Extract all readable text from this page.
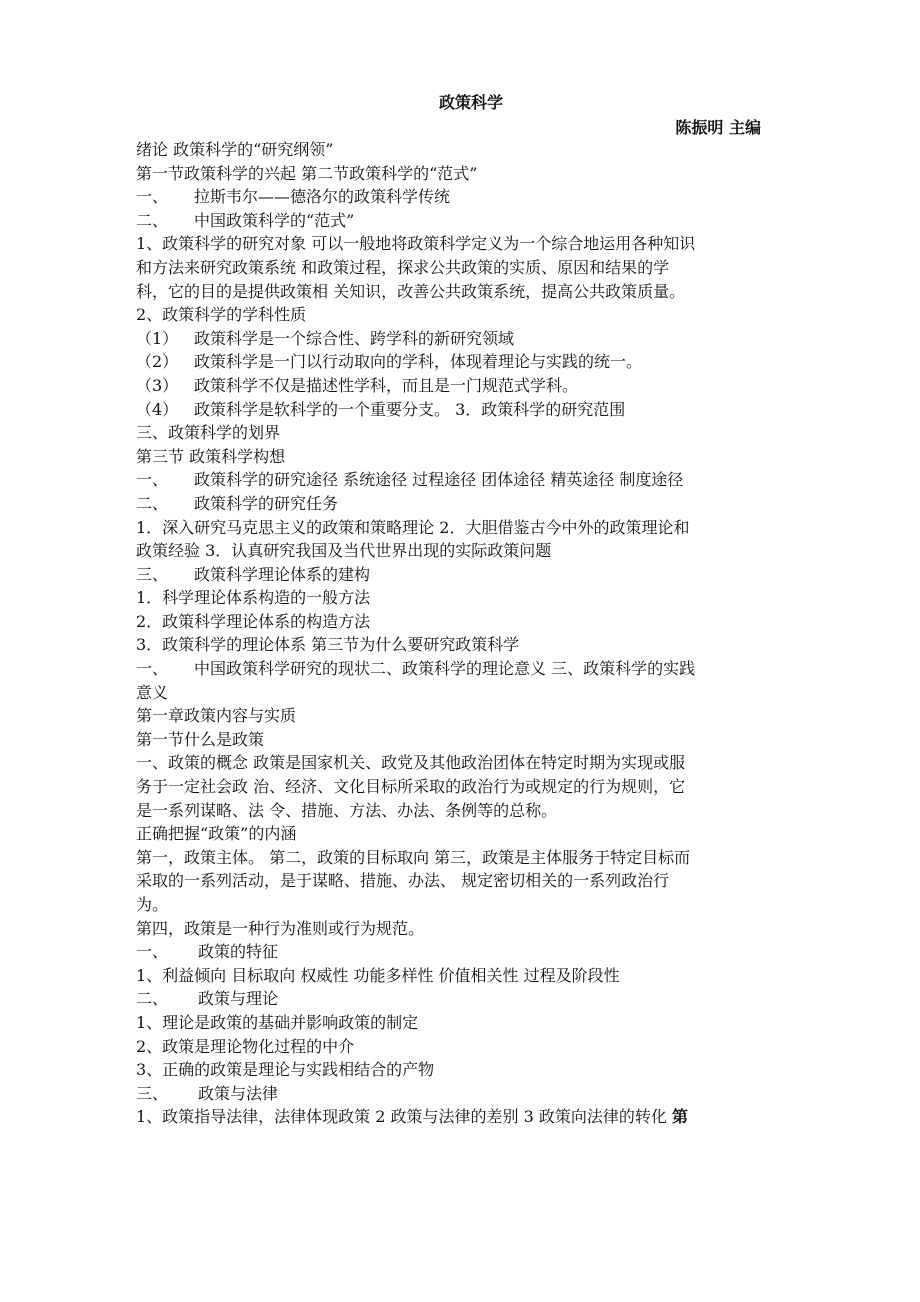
政策科学
陈振明 主编
绪论 政策科学的“研究纲领”
第一节政策科学的兴起 第二节政策科学的“范式”
一、 拉斯韦尔——德洛尔的政策科学传统
二、 中国政策科学的“范式”
1、政策科学的研究对象 可以一般地将政策科学定义为一个综合地运用各种知识
和方法来研究政策系统 和政策过程，探求公共政策的实质、原因和结果的学
科，它的目的是提供政策相 关知识，改善公共政策系统，提高公共政策质量。
2、政策科学的学科性质
（1） 政策科学是一个综合性、跨学科的新研究领域
（2） 政策科学是一门以行动取向的学科，体现着理论与实践的统一。
（3） 政策科学不仅是描述性学科，而且是一门规范式学科。
（4） 政策科学是软科学的一个重要分支。 3．政策科学的研究范围
三、政策科学的划界
第三节 政策科学构想
一、 政策科学的研究途径 系统途径 过程途径 团体途径 精英途径 制度途径
二、 政策科学的研究任务
1．深入研究马克思主义的政策和策略理论 2．大胆借鉴古今中外的政策理论和
政策经验 3．认真研究我国及当代世界出现的实际政策问题
三、 政策科学理论体系的建构
1．科学理论体系构造的一般方法
2．政策科学理论体系的构造方法
3．政策科学的理论体系 第三节为什么要研究政策科学
一、 中国政策科学研究的现状二、政策科学的理论意义 三、政策科学的实践
意义
第一章政策内容与实质
第一节什么是政策
一、政策的概念 政策是国家机关、政党及其他政治团体在特定时期为实现或服
务于一定社会政 治、经济、文化目标所采取的政治行为或规定的行为规则，它
是一系列谋略、法 令、措施、方法、办法、条例等的总称。
正确把握“政策”的内涵
第一，政策主体。 第二，政策的目标取向 第三，政策是主体服务于特定目标而
采取的一系列活动，是于谋略、措施、办法、 规定密切相关的一系列政治行
为。
第四，政策是一种行为准则或行为规范。
一、 政策的特征
1、利益倾向 目标取向 权威性 功能多样性 价值相关性 过程及阶段性
二、 政策与理论
1、理论是政策的基础并影响政策的制定
2、政策是理论物化过程的中介
3、正确的政策是理论与实践相结合的产物
三、 政策与法律
1、政策指导法律，法律体现政策 2 政策与法律的差别 3 政策向法律的转化 第
